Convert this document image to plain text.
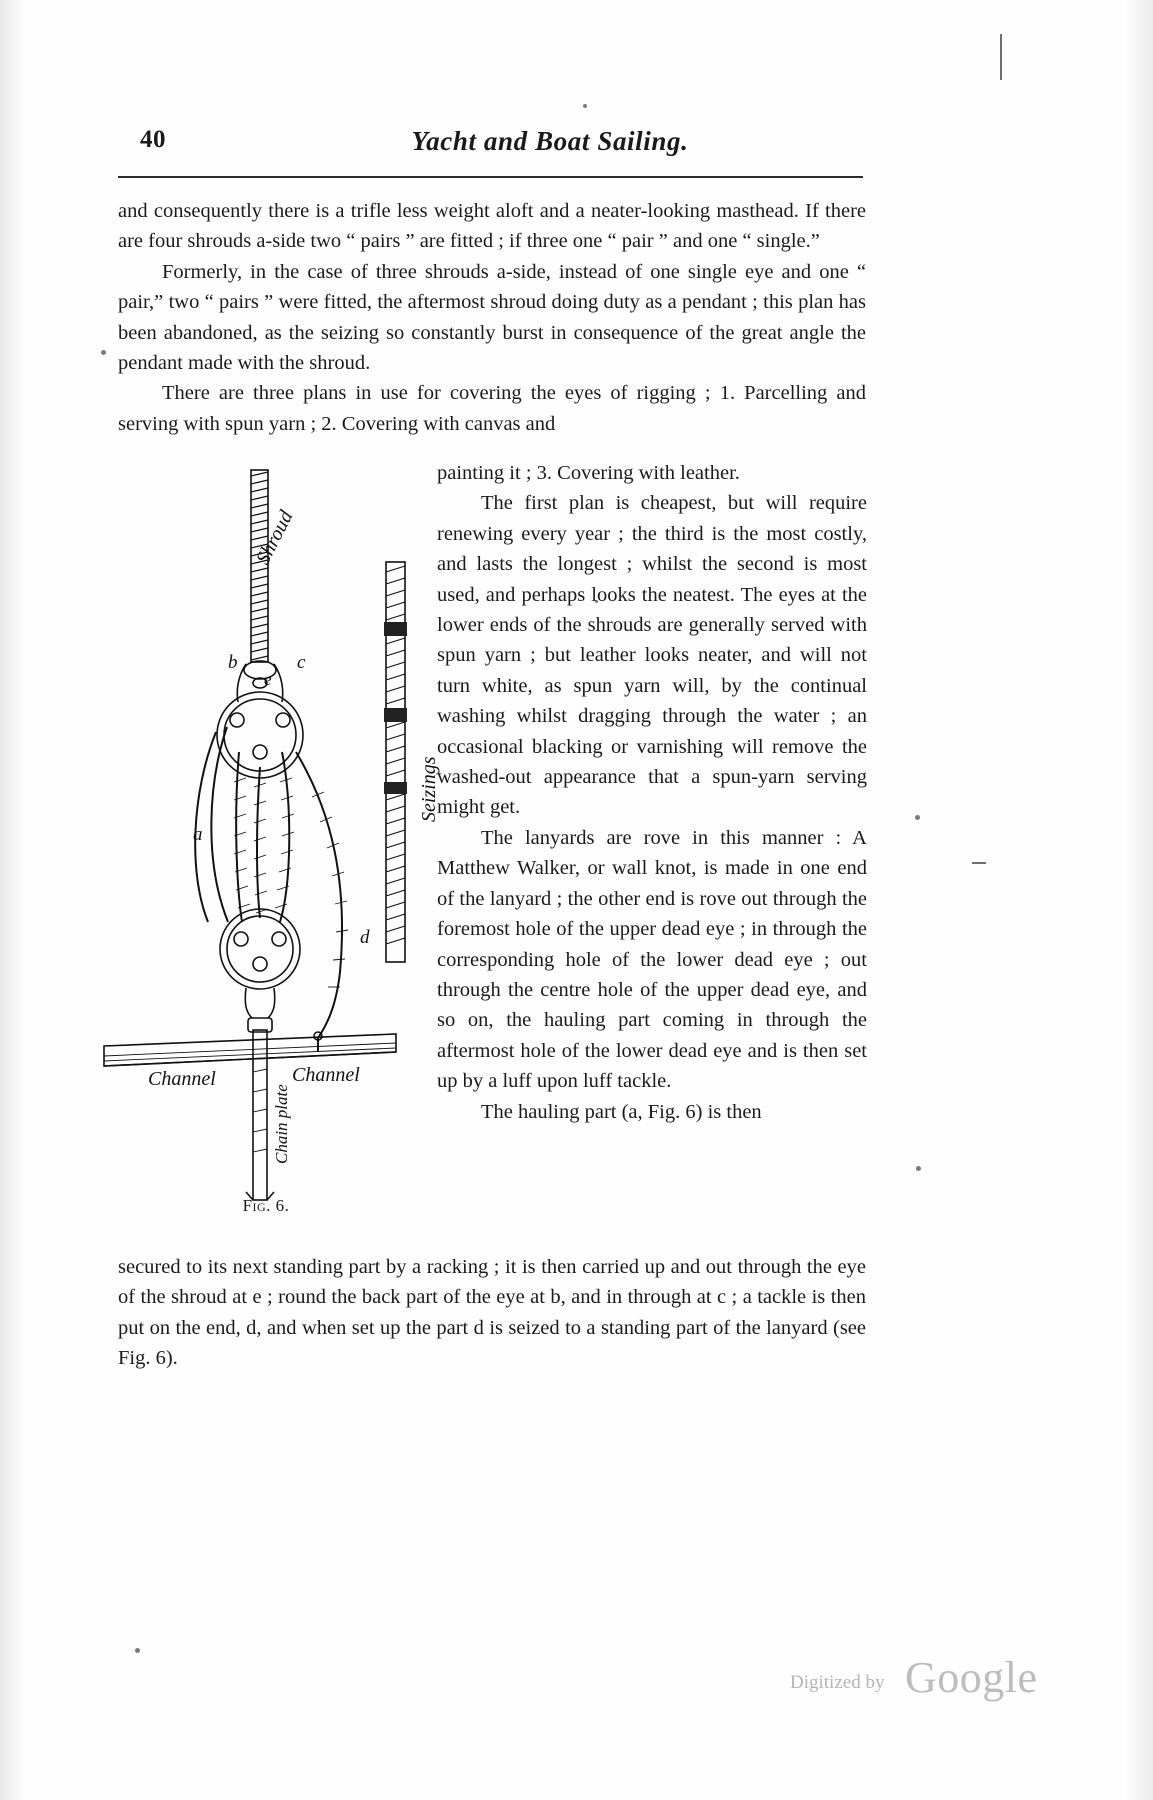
40	Yacht and Boat Sailing.

and consequently there is a trifle less weight aloft and a neater-looking masthead. If there are four shrouds a-side two “ pairs ” are fitted ; if three one “ pair ” and one “ single.”

Formerly, in the case of three shrouds a-side, instead of one single eye and one “ pair,” two “ pairs ” were fitted, the aftermost shroud doing duty as a pendant ; this plan has been abandoned, as the seizing so constantly burst in consequence of the great angle the pendant made with the shroud.

There are three plans in use for covering the eyes of rigging ; 1. Parcelling and serving with spun yarn ; 2. Covering with canvas and

painting it ; 3. Covering with leather.

The first plan is cheapest, but will require renewing every year ; the third is the most costly, and lasts the longest ; whilst the second is most used, and perhaps looks the neatest. The eyes at the lower ends of the shrouds are generally served with spun yarn ; but leather looks neater, and will not turn white, as spun yarn will, by the continual washing whilst dragging through the water ; an occasional blacking or varnishing will remove the washed-out appearance that a spun-yarn serving might get.

The lanyards are rove in this manner : A Matthew Walker, or wall knot, is made in one end of the lanyard ; the other end is rove out through the foremost hole of the upper dead eye ; in through the corresponding hole of the lower dead eye ; out through the centre hole of the upper dead eye, and so on, the hauling part coming in through the aftermost hole of the lower dead eye and is then set up by a luff upon luff tackle.

The hauling part (a, Fig. 6) is then

secured to its next standing part by a racking ; it is then carried up and out through the eye of the shroud at e ; round the back part of the eye at b, and in through at c ; a tackle is then put on the end, d, and when set up the part d is seized to a standing part of the lanyard (see Fig. 6).

Shroud
Seizings
b	c
e
a
d
Channel	Channel
Chain plate
Fig. 6.
Digitized by Google
